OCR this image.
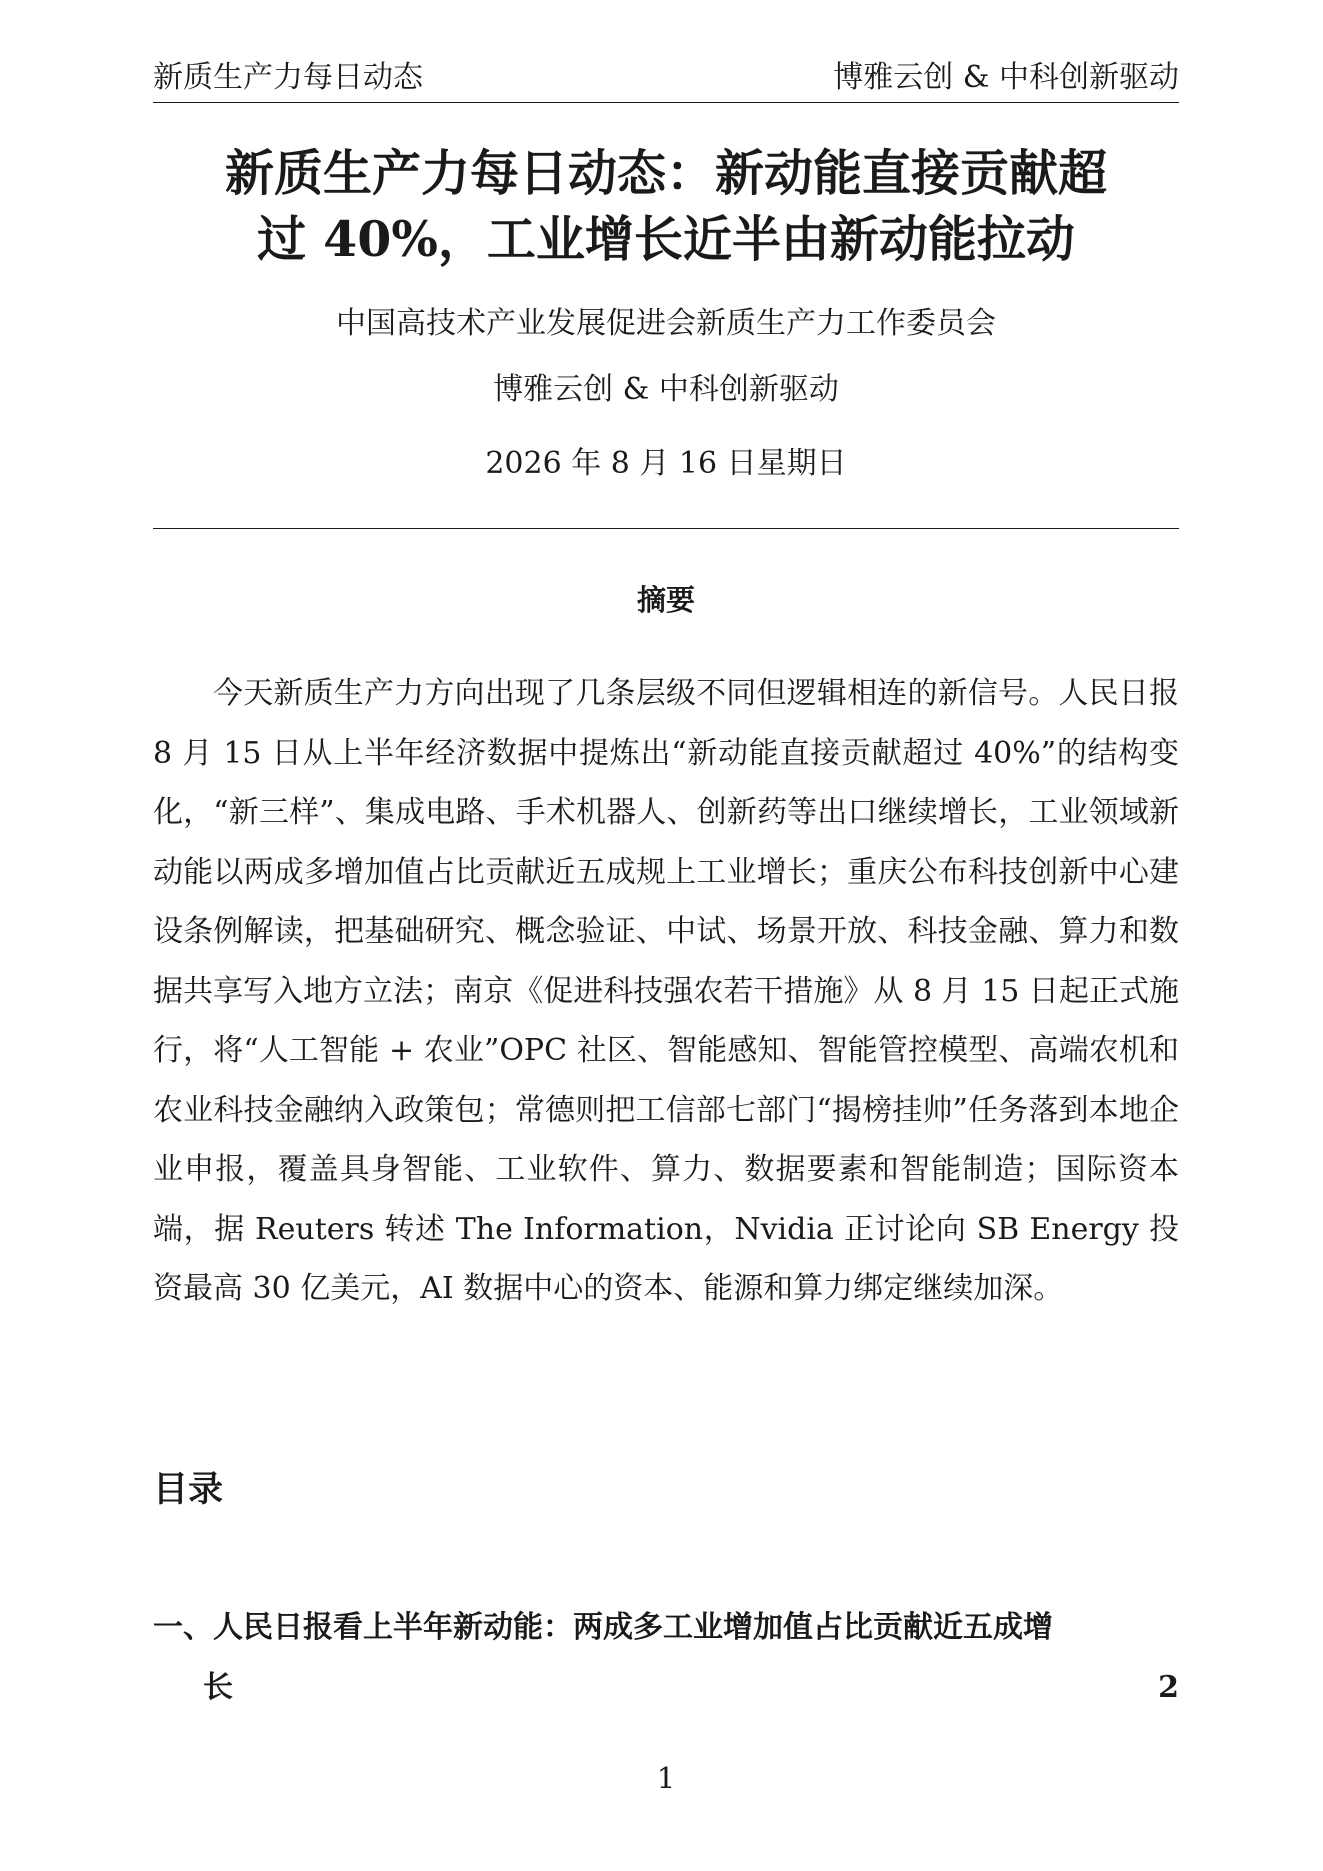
新质生产力每日动态	博雅云创 & 中科创新驱动
新质生产力每日动态：新动能直接贡献超
过 40%，工业增长近半由新动能拉动
中国高技术产业发展促进会新质生产力工作委员会
博雅云创 & 中科创新驱动
2026 年 8 月 16 日星期日
摘要

今天新质生产力方向出现了几条层级不同但逻辑相连的新信号。人民日报 8 月 15 日从上半年经济数据中提炼出“新动能直接贡献超过 40%”的结构变化，“新三样”、集成电路、手术机器人、创新药等出口继续增长，工业领域新动能以两成多增加值占比贡献近五成规上工业增长；重庆公布科技创新中心建设条例解读，把基础研究、概念验证、中试、场景开放、科技金融、算力和数据共享写入地方立法；南京《促进科技强农若干措施》从 8 月 15 日起正式施行，将“人工智能 + 农业”OPC 社区、智能感知、智能管控模型、高端农机和农业科技金融纳入政策包；常德则把工信部七部门“揭榜挂帅”任务落到本地企业申报，覆盖具身智能、工业软件、算力、数据要素和智能制造；国际资本端，据 Reuters 转述 The Information，Nvidia 正讨论向 SB Energy 投资最高 30 亿美元，AI 数据中心的资本、能源和算力绑定继续加深。

目录
一、人民日报看上半年新动能：两成多工业增加值占比贡献近五成增
长	2
1
